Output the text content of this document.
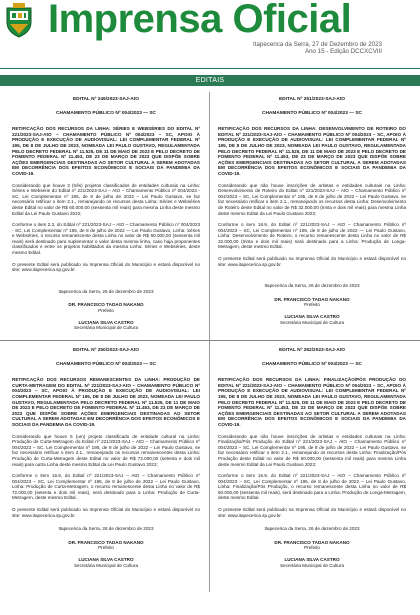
Imprensa Oficial
Itapecerica da Serra, 27 de Dezembro de 2023
Ano 15 - Edição DCCXCVIII
EDITAIS
EDITAL Nº 249/2023-SAJ-AtO
CHAMAMENTO PÚBLICO Nº 004/2023 — SC
RETIFICAÇÃO DOS RECURSOS DA LINHA: SÉRIES E WEBSÉRIES DO EDITAL Nº 221/2023-SAJ-AtO – CHAMAMENTO PÚBLICO Nº 004/2023 – SC, APOIO À PRODUÇÃO E EXECUÇÃO DE AUDIOVISUAL: LEI COMPLEMENTAR FEDERAL Nº 195, DE 8 DE JULHO DE 2023, NOMEADA LEI PAULO GUSTAVO, REGULAMENTADA PELO DECRETO FEDERAL Nº 11.525, DE 11 DE MAIO DE 2023 E PELO DECRETO DE FOMENTO FEDERAL Nº 11.453, DE 23 DE MARÇO DE 2023 QUE DISPÕE SOBRE AÇÕES EMERGENCIAIS DESTINADAS AO SETOR CULTURAL A SEREM ADOTADAS EM DECORRÊNCIA DOS EFEITOS ECONÔMICOS E SOCIAIS DA PANDEMIA DA COVID-19.
Considerando que houve 3 (três) projetos classificados de entidades culturais na Linha: Séries e Websérie do Edital nº 221/2023-SAJ – AtO – Chamamento Público nº 004/2023 - SC, Lei Complementar nº 195, de 8 de julho de 2022 – Lei Paulo Gustavo, se faz necessário retificar o item 2.1., remanejando os recursos desta Linha: Séries e Webséries deste Edital no valor de R$ 60.000,00 (sessenta mil reais) para mesma Linha deste mesmo Edital da Lei Paulo Gustavo 2022;
Conforme o item 2.3, do Edital nº 221/2023-SAJ – AtO – Chamamento Público nº 004/2023 - SC, Lei Complementar nº 195, de 8 de julho de 2022 — Lei Paulo Gustavo, Linha: Séries e Webséries, o recurso remanescente desta Linha no valor de R$ 60.000,00 (sessenta mil reais) será destinado para suplementar o valor desta mesma linha, caso haja proponentes classificados e entre os projetos habilitados da mesma Linha: Séries e Webséries, deste mesmo Edital.
O presente Edital será publicado na Imprensa Oficial do Município e estará disponível no site: www.itapecerica.sp.gov.br.
Itapecerica da Serra, 26 de dezembro de 2023
DR. FRANCISCO TADAO NAKANO
Prefeito
LUCIANA SILVA CASTRO
Secretária Municipal de Cultura
EDITAL Nº 251/2023-SAJ-AtO
CHAMAMENTO PÚBLICO Nº 004/2023 — SC
RETIFICAÇÃO DOS RECURSOS DA LINHA: DESENVOLVIMENTO DE ROTEIRO DO EDITAL Nº 221/2023-SAJ-AtO – CHAMAMENTO PÚBLICO Nº 004/2023 – SC, APOIO À PRODUÇÃO E EXECUÇÃO DE AUDIOVISUAL: LEI COMPLEMENTAR FEDERAL Nº 195, DE 8 DE JULHO DE 2023, NOMEADA LEI PAULO GUSTAVO, REGULAMENTADA PELO DECRETO FEDERAL Nº 11.525, DE 11 DE MAIO DE 2023 E PELO DECRETO DE FOMENTO FEDERAL Nº 11.453, DE 23 DE MARÇO DE 2023 QUE DISPÕE SOBRE AÇÕES EMERGENCIAIS DESTINADAS AO SETOR CULTURAL A SEREM ADOTADAS EM DECORRÊNCIA DOS EFEITOS ECONÔMICOS E SOCIAIS DA PANDEMIA DA COVID-19.
Considerando que não houve inscrições de artistas e entidades culturais na Linha: Desenvolvimento de Roteiro do Edital nº 221/2023-SAJ – AtO – Chamamento Público nº 004/2023 – SC, Lei Complementar nº 195, de 8 de julho de 2022 – Lei Paulo Gustavo, se faz necessário retificar o item 2.1., remanejando os recursos desta Linha: Desenvolvimento de Roteiro deste Edital no valor de R$ 32.000,00 (trinta e dois mil reais) para mesma Linha deste mesmo Edital da Lei Paulo Gustavo 2022;
Conforme o item 16.9, do Edital nº 221/2023-SAJ – AtO – Chamamento Público nº 004/2023 – SC, Lei Complementar nº 195, de 8 de julho de 2022 — Lei Paulo Gustavo, Linha: Desenvolvimento de Roteiro, o recurso remanescente desta Linha no valor de R$ 32.000,00 (trinta e dois mil reais) será destinado para a Linha: Produção de Longa-Metragem, deste mesmo Edital.
O presente Edital será publicado na Imprensa Oficial do Município e estará disponível no site: www.itapecerica.sp.gov.br.
Itapecerica da Serra, 26 de dezembro de 2023
DR. FRANCISCO TADAO NAKANO
Prefeito
LUCIANA SILVA CASTRO
Secretária Municipal de Cultura
EDITAL Nº 250/2023-SAJ-AtO
CHAMAMENTO PÚBLICO Nº 004/2023 — SC
RETIFICAÇÃO DOS RECURSOS REMANESCENTES DA LINHA: PRODUÇÃO DE CURTA-METRAGEM DO EDITAL Nº 221/2023-SAJ-AtO – CHAMAMENTO PÚBLICO Nº 004/2023 – SC, APOIO À PRODUÇÃO E EXECUÇÃO DE AUDIOVISUAL: LEI COMPLEMENTAR FEDERAL Nº 195, DE 8 DE JULHO DE 2023, NOMEADA LEI PAULO GUSTAVO, REGULAMENTADA PELO DECRETO FEDERAL Nº 11.525, DE 11 DE MAIO DE 2023 E PELO DECRETO DE FOMENTO FEDERAL Nº 11.453, DE 23 DE MARÇO DE 2023 QUE DISPÕE SOBRE AÇÕES EMERGENCIAIS DESTINADAS AO SETOR CULTURAL A SEREM ADOTADAS EM DECORRÊNCIA DOS EFEITOS ECONÔMICOS E SOCIAIS DA PANDEMIA DA COVID-19.
Considerando que houve 5 (um) projeto classificado de entidade cultural na Linha: Produção de Curta-Metragem do Edital nº 221/2023-SAJ – AtO – Chamamento Público nº 004/2023 – SC, Lei Complementar nº 195, de 8 de julho de 2022 – Lei Paulo Gustavo, se faz necessário retificar o item 2.1., remanejando os recursos remanescentes desta Linha: Produção de Curta-Metragem deste Edital no valor de R$ 72.000,00 (setenta e dois mil reais) para outra Linha deste mesmo Edital da Lei Paulo Gustavo 2022;
Conforme o item 16.9, do Edital nº 221/2023-SAJ – AtO – Chamamento Público nº 004/2023 – SC, Lei Complementar nº 195, de 8 de julho de 2022 – Lei Paulo Gustavo, Linha: Produção de Curta-Metragem, o recurso remanescente desta Linha no valor de R$ 72.000,00 (setenta e dois mil reais), será destinado para a Linha: Produção de Curta-Metragem, deste mesmo Edital.
O presente Edital será publicado na Imprensa Oficial do Município e estará disponível no site: www.itapecerica.sp.gov.br.
Itapecerica da Serra, 26 de dezembro de 2023
DR. FRANCISCO TADAO NAKANO
Prefeito
LUCIANA SILVA CASTRO
Secretária Municipal de Cultura
EDITAL Nº 252/2023-SAJ-AtO
CHAMAMENTO PÚBLICO Nº 004/2023 — SC
RETIFICAÇÃO DOS RECURSOS DA LINHA: FINALIZAÇÃO/PÓS PRODUÇÃO DO EDITAL Nº 221/2023-SAJ-AtO – CHAMAMENTO PÚBLICO Nº 004/2023 – SC, APOIO À PRODUÇÃO E EXECUÇÃO DE AUDIOVISUAL: LEI COMPLEMENTAR FEDERAL Nº 195, DE 8 DE JULHO DE 2023, NOMEADA LEI PAULO GUSTAVO, REGULAMENTADA PELO DECRETO FEDERAL Nº 11.525, DE 11 DE MAIO DE 2023 E PELO DECRETO DE FOMENTO FEDERAL Nº 11.453, DE 23 DE MARÇO DE 2023 QUE DISPÕE SOBRE AÇÕES EMERGENCIAIS DESTINADAS AO SETOR CULTURAL A SEREM ADOTADAS EM DECORRÊNCIA DOS EFEITOS ECONÔMICOS E SOCIAIS DA PANDEMIA DA COVID-19.
Considerando que não houve inscrições de artistas e entidades culturais na Linha: Finalização/Pós Produção do Edital nº 221/2023-SAJ – AtO – Chamamento Público nº 004/2023 – SC, Lei Complementar nº 195, de 8 de julho de 2022 – Lei Paulo Gustavo, se faz necessário retificar o item 2.1., remanejando os recursos desta Linha: Finalização/Pós Produção deste Edital no valor de R$ 60.000,00 (sessenta mil reais) para mesma Linha deste mesmo Edital da Lei Paulo Gustavo 2022;
Conforme o item 16.9, do Edital nº 221/2023-SAJ – AtO – Chamamento Público nº 004/2023 – SC, Lei Complementar nº 195, de 8 de julho de 2022 – Lei Paulo Gustavo, Linha: Finalização/Pós Produção, o recurso remanescente desta Linha no valor de R$ 60.000,00 (sessenta mil reais), será destinado para a Linha: Produção de Longa-Metragem, deste mesmo Edital.
O presente Edital será publicado na Imprensa Oficial do Município e estará disponível no site: www.itapecerica.sp.gov.br.
Itapecerica da Serra, 26 de dezembro de 2023
DR. FRANCISCO TADAO NAKANO
Prefeito
LUCIANA SILVA CASTRO
Secretária Municipal de Cultura
